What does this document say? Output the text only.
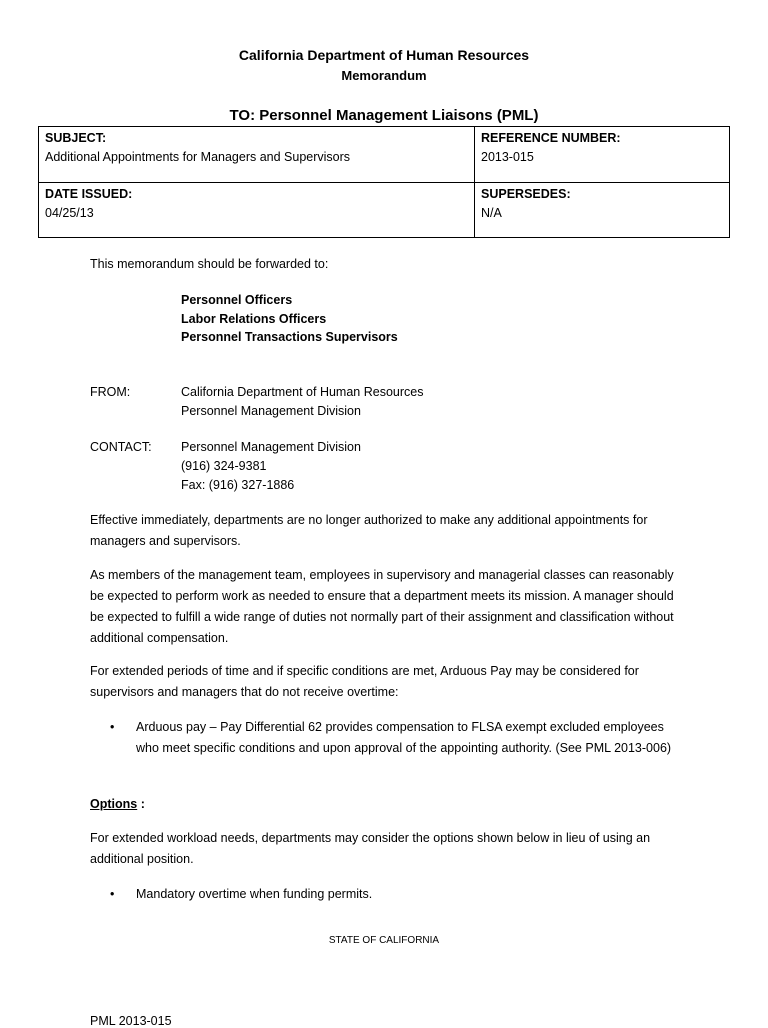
California Department of Human Resources
Memorandum
TO: Personnel Management Liaisons (PML)
SUBJECT:
Additional Appointments for Managers and Supervisors
REFERENCE NUMBER:
2013-015
DATE ISSUED:
04/25/13
SUPERSEDES:
N/A
This memorandum should be forwarded to:
Personnel Officers
Labor Relations Officers
Personnel Transactions Supervisors
FROM:	California Department of Human Resources
Personnel Management Division
CONTACT: Personnel Management Division
(916) 324-9381
Fax: (916) 327-1886
Effective immediately, departments are no longer authorized to make any additional appointments for managers and supervisors.
As members of the management team, employees in supervisory and managerial classes can reasonably be expected to perform work as needed to ensure that a department meets its mission. A manager should be expected to fulfill a wide range of duties not normally part of their assignment and classification without additional compensation.
For extended periods of time and if specific conditions are met, Arduous Pay may be considered for supervisors and managers that do not receive overtime:
•	Arduous pay – Pay Differential 62 provides compensation to FLSA exempt excluded employees who meet specific conditions and upon approval of the appointing authority. (See PML 2013-006)
Options :
For extended workload needs, departments may consider the options shown below in lieu of using an additional position.
•	Mandatory overtime when funding permits.
STATE OF CALIFORNIA
PML 2013-015
